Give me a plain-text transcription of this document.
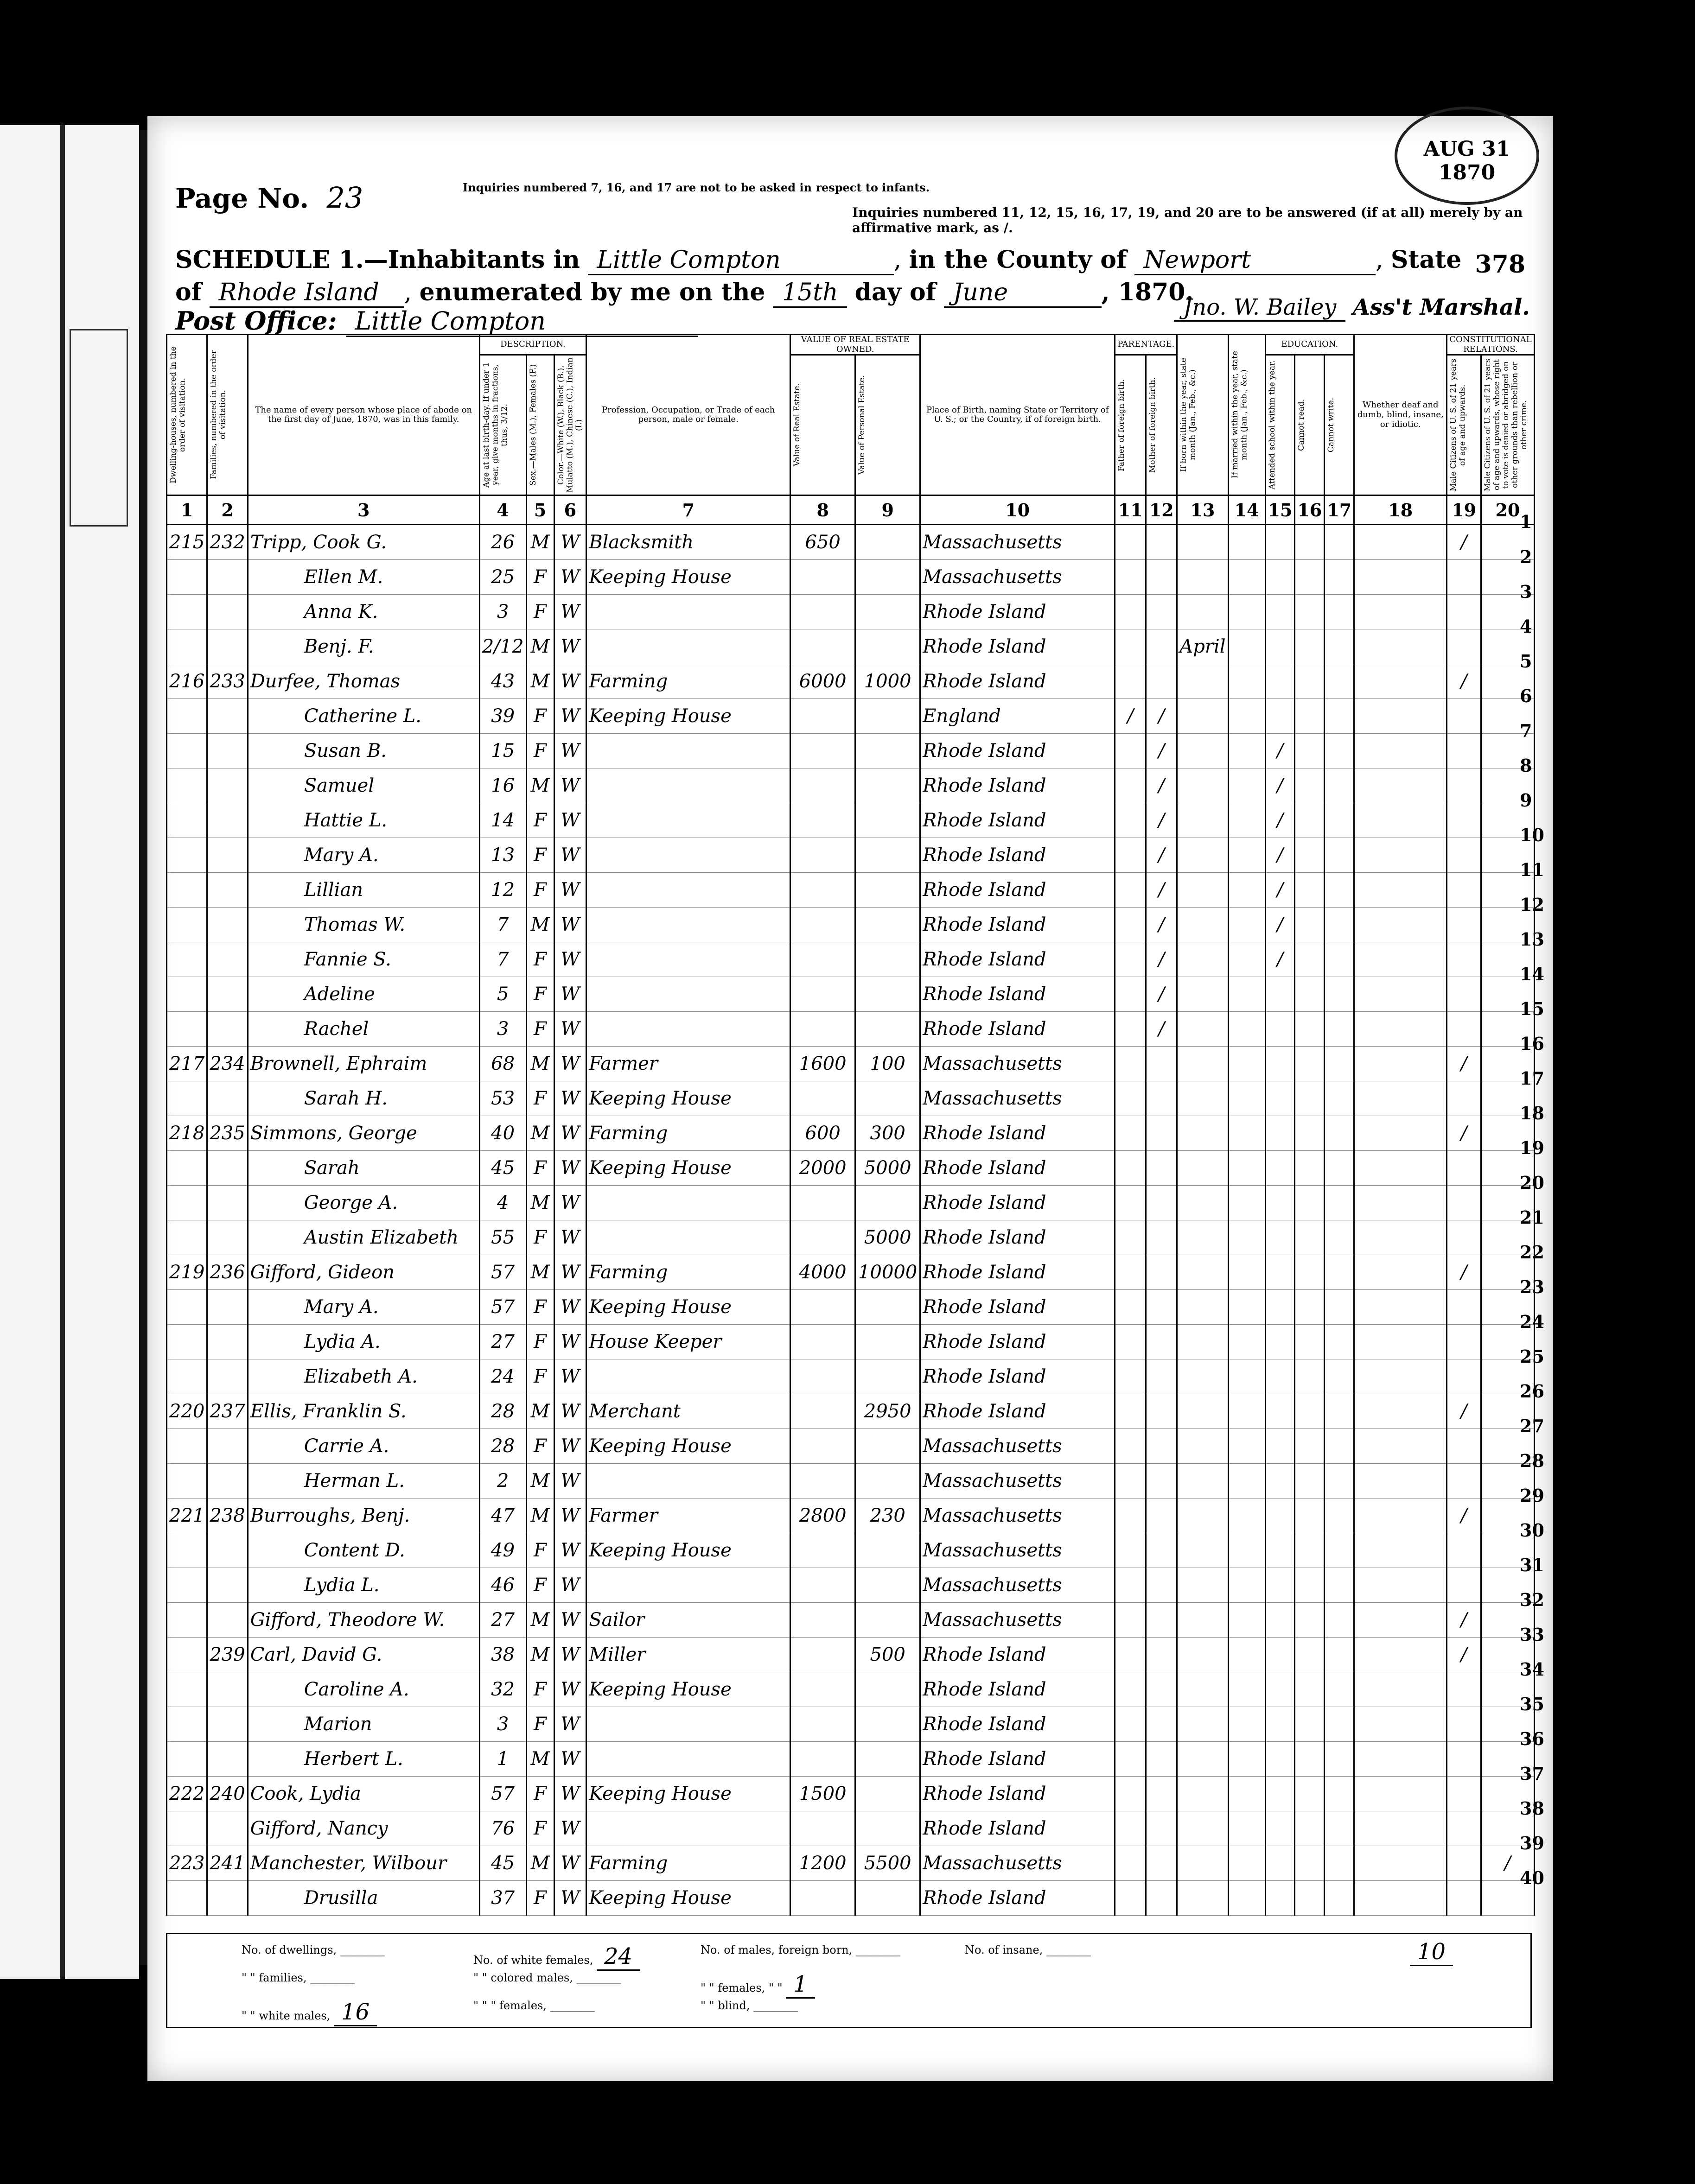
AUG 31 1870
Page No. 23	Inquiries numbered 7, 16, and 17 are not to be asked in respect to infants.
Inquiries numbered 11, 12, 15, 16, 17, 19, and 20 are to be answered (if at all) merely by an affirmative mark, as /.
SCHEDULE 1.—Inhabitants in Little Compton	, in the County of Newport	, State 378
of Rhode Island , enumerated by me on the 15th day of June	, 1870.
Post Office: Little Compton	Jno. W. Bailey Ass't Marshal.
Dwelling-houses, numbered in the order of visitation.	Families, numbered in the order of visitation.	The name of every person whose place of abode on the first day of June, 1870, was in this family.	DESCRIPTION.			Profession, Occupation, or Trade of each person, male or female.	VALUE OF REAL ESTATE OWNED.		Place of Birth, naming State or Territory of U. S.; or the Country, if of foreign birth.	PARENTAGE.		If born within the year, state month (Jan., Feb., &c.)	If married within the year, state month (Jan., Feb., &c.)	EDUCATION.			Whether deaf and dumb, blind, insane, or idiotic.	CONSTITUTIONAL RELATIONS.	

			Age at last birth-day. If under 1 year, give months in fractions, thus, 3/12.	Sex.—Males (M.), Females (F.)	Color.—White (W.), Black (B.), Mulatto (M.), Chinese (C.), Indian (I.)		Value of Real Estate.	Value of Personal Estate.		Father of foreign birth.	Mother of foreign birth.			Attended school within the year.	Cannot read.	Cannot write.		Male Citizens of U. S. of 21 years of age and upwards.	Male Citizens of U. S. of 21 years of age and upwards, whose right to vote is denied or abridged on other grounds than rebellion or other crime.

1	2	3	4	5	6	7	8	9	10	11	12	13	14	15	16	17	18	19	20
215	232	Tripp, Cook G.	26	M	W	Blacksmith	650		Massachusetts									/	
		Ellen M.	25	F	W	Keeping House			Massachusetts										
		Anna K.	3	F	W				Rhode Island										
		Benj. F.	2/12	M	W				Rhode Island			April							
216	233	Durfee, Thomas	43	M	W	Farming	6000	1000	Rhode Island									/	
		Catherine L.	39	F	W	Keeping House			England	/	/								
		Susan B.	15	F	W				Rhode Island		/			/					
		Samuel	16	M	W				Rhode Island		/			/					
		Hattie L.	14	F	W				Rhode Island		/			/					
		Mary A.	13	F	W				Rhode Island		/			/					
		Lillian	12	F	W				Rhode Island		/			/					
		Thomas W.	7	M	W				Rhode Island		/			/					
		Fannie S.	7	F	W				Rhode Island		/			/					
		Adeline	5	F	W				Rhode Island		/								
		Rachel	3	F	W				Rhode Island		/								
217	234	Brownell, Ephraim	68	M	W	Farmer	1600	100	Massachusetts									/	
		Sarah H.	53	F	W	Keeping House			Massachusetts										
218	235	Simmons, George	40	M	W	Farming	600	300	Rhode Island									/	
		Sarah	45	F	W	Keeping House	2000	5000	Rhode Island										
		George A.	4	M	W				Rhode Island										
		Austin Elizabeth	55	F	W			5000	Rhode Island										
219	236	Gifford, Gideon	57	M	W	Farming	4000	10000	Rhode Island									/	
		Mary A.	57	F	W	Keeping House			Rhode Island										
		Lydia A.	27	F	W	House Keeper			Rhode Island										
		Elizabeth A.	24	F	W				Rhode Island										
220	237	Ellis, Franklin S.	28	M	W	Merchant		2950	Rhode Island									/	
		Carrie A.	28	F	W	Keeping House			Massachusetts										
		Herman L.	2	M	W				Massachusetts										
221	238	Burroughs, Benj.	47	M	W	Farmer	2800	230	Massachusetts									/	
		Content D.	49	F	W	Keeping House			Massachusetts										
		Lydia L.	46	F	W				Massachusetts										
		Gifford, Theodore W.	27	M	W	Sailor			Massachusetts									/	
	239	Carl, David G.	38	M	W	Miller		500	Rhode Island									/	
		Caroline A.	32	F	W	Keeping House			Rhode Island										
		Marion	3	F	W				Rhode Island										
		Herbert L.	1	M	W				Rhode Island										
222	240	Cook, Lydia	57	F	W	Keeping House	1500		Rhode Island										
		Gifford, Nancy	76	F	W				Rhode Island										
223	241	Manchester, Wilbour	45	M	W	Farming	1200	5500	Massachusetts										/
		Drusilla	37	F	W	Keeping House			Rhode Island										
No. of dwellings, ________
" " families, ________
" " white males, 16
No. of white females, 24
" " colored males, ________
" " " females, ________
No. of males, foreign born, ________
" " females, " " 1
" " blind, ________
No. of insane, ________	10
1
2
3
4
5
6
7
8
9
10
11
12
13
14
15
16
17
18
19
20
21
22
23
24
25
26
27
28
29
30
31
32
33
34
35
36
37
38
39
40
